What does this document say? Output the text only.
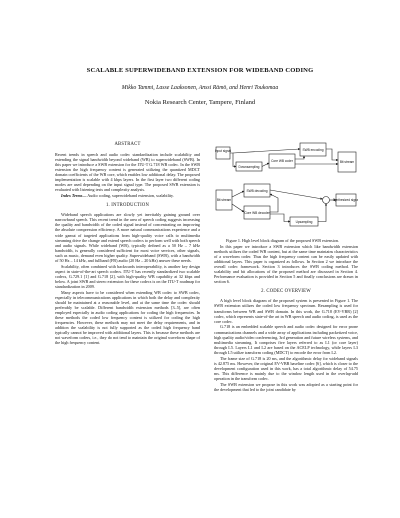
SCALABLE SUPERWIDEBAND EXTENSION FOR WIDEBAND CODING
Mikko Tammi, Lasse Laaksonen, Anssi Rämö, and Henri Toukomaa
Nokia Research Center, Tampere, Finland
ABSTRACT

Recent trends in speech and audio codec standardization include scalability and extending the signal bandwidth beyond wideband (WB) to superwideband (SWB). In this paper we introduce a SWB extension for the ITU-T G.718 WB codec. In the SWB extension the high frequency content is generated utilizing the quantized MDCT domain coefficients of the WB core, which enables low additional delay. The proposed implementation is scalable with 4 kbps layers. In the first layer two different coding modes are used depending on the input signal type. The proposed SWB extension is evaluated with listening tests and complexity analysis.

Index Terms— Audio coding, superwideband extension, scalability.

1. INTRODUCTION

Wideband speech applications are slowly yet inevitably gaining ground over narrowband speech. This recent trend in the area of speech coding suggests increasing the quality and bandwidth of the coded signal instead of concentrating on improving the absolute compression efficiency. A more natural communications experience and a wide gamut of targeted applications from high-quality voice calls to multimedia streaming drive the change and extend speech codecs to perform well with both speech and audio signals. While wideband (WB), typically defined as a 50 Hz – 7 kHz bandwidth, is generally considered sufficient for most voice services, other signals, such as music, demand even higher quality. Superwideband (SWB), with a bandwidth of 50 Hz – 14 kHz, and fullband (FB) audio (20 Hz – 20 kHz) answer these needs.

Scalability, often combined with backwards interoperability, is another key design aspect in state-of-the-art speech codecs. ITU-T has recently standardized two scalable codecs, G.729.1 [1] and G.718 [2], with high-quality WB capability at 32 kbps and below. A joint SWB and stereo extension for these codecs is on the ITU-T roadmap for standardization in 2009.

Many aspects have to be considered when extending WB codec to SWB codec, especially in telecommunications applications in which both the delay and complexity should be maintained at a reasonable level, and at the same time the codec should preferably be scalable. Different bandwidth extension methods [3–5], are often employed especially in audio coding applications for coding the high frequencies. In these methods the coded low frequency content is utilized for coding the high frequencies. However, these methods may not meet the delay requirements, and in addition the scalability is not fully supported as the coded high frequency band typically cannot be improved with additional layers. This is because these methods are not waveform coders, i.e., they do not tend to maintain the original waveform shape of the high frequency content.

Input signal
Downsampling
Core WB coder
SWB encoding
Bit stream
Bit stream
SWB decoding
Core WB decoder
Upsampling
Synthesized signal
Figure 1. High level block diagram of the proposed SWB extension.

In this paper we introduce a SWB extension which like bandwidth extension methods utilizes the coded WB content, but at the same time maintains characteristics of a waveform coder. Thus the high frequency content can be easily updated with additional layers. This paper is organized as follows. In Section 2 we introduce the overall codec framework. Section 3 introduces the SWB coding method. The scalability and bit allocations of the proposed method are discussed in Section 4. Performance evaluation is provided in Section 5 and finally conclusions are drawn in section 6.

2. CODEC OVERVIEW

A high level block diagram of the proposed system is presented in Figure 1. The SWB extension utilizes the coded low frequency spectrum. Resampling is used for transforms between WB and SWB domain. In this work, the G.718 (EV-VBR) [2] codec, which represents state-of-the art in WB speech and audio coding, is used as the core codec.

G.718 is an embedded scalable speech and audio codec designed for error prone communications channels and a wide array of applications including packetized voice, high quality audio/video conferencing, 3rd generation and future wireless systems, and multimedia streaming. It comprises five layers referred to as L1 (or core layer) through L5. Layers L1 and L2 are based on the ACELP technology, while layers L3 through L5 utilize transform coding (MDCT) to encode the error from L2.

The frame size of G.718 is 20 ms, and the algorithmic delay for wideband signals is 42.875 ms. However, the original EV-VBR baseline codec [6], which is closer to the development configuration used in this work, has a total algorithmic delay of 54.75 ms. This difference is mainly due to the window length used in the overlap-add operation in the transform codec.

The SWB extension we propose in this work was adopted as a starting point for the development that led to the joint candidate by
